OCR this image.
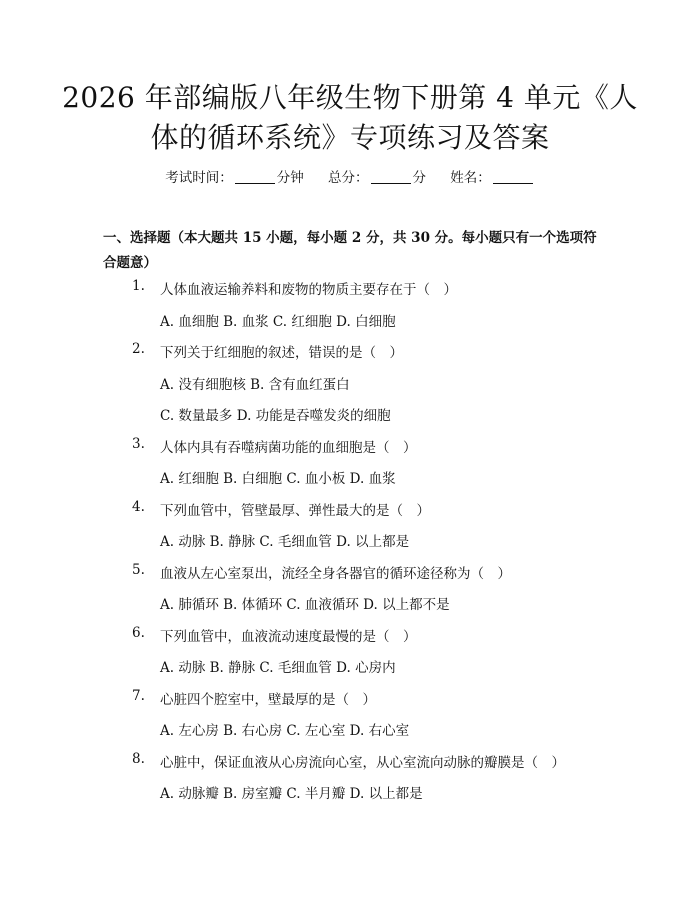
2026 年部编版八年级生物下册第 4 单元《人
体的循环系统》专项练习及答案
考试时间：	分钟 总分：	分 姓名：
一、选择题（本大题共 15 小题，每小题 2 分，共 30 分。每小题只有一个选项符合题意）
1. 人体血液运输养料和废物的物质主要存在于（　）
A. 血细胞 B. 血浆 C. 红细胞 D. 白细胞
2. 下列关于红细胞的叙述，错误的是（　）
A. 没有细胞核 B. 含有血红蛋白
C. 数量最多 D. 功能是吞噬发炎的细胞
3. 人体内具有吞噬病菌功能的血细胞是（　）
A. 红细胞 B. 白细胞 C. 血小板 D. 血浆
4. 下列血管中，管壁最厚、弹性最大的是（　）
A. 动脉 B. 静脉 C. 毛细血管 D. 以上都是
5. 血液从左心室泵出，流经全身各器官的循环途径称为（　）
A. 肺循环 B. 体循环 C. 血液循环 D. 以上都不是
6. 下列血管中，血液流动速度最慢的是（　）
A. 动脉 B. 静脉 C. 毛细血管 D. 心房内
7. 心脏四个腔室中，壁最厚的是（　）
A. 左心房 B. 右心房 C. 左心室 D. 右心室
8. 心脏中，保证血液从心房流向心室，从心室流向动脉的瓣膜是（　）
A. 动脉瓣 B. 房室瓣 C. 半月瓣 D. 以上都是
